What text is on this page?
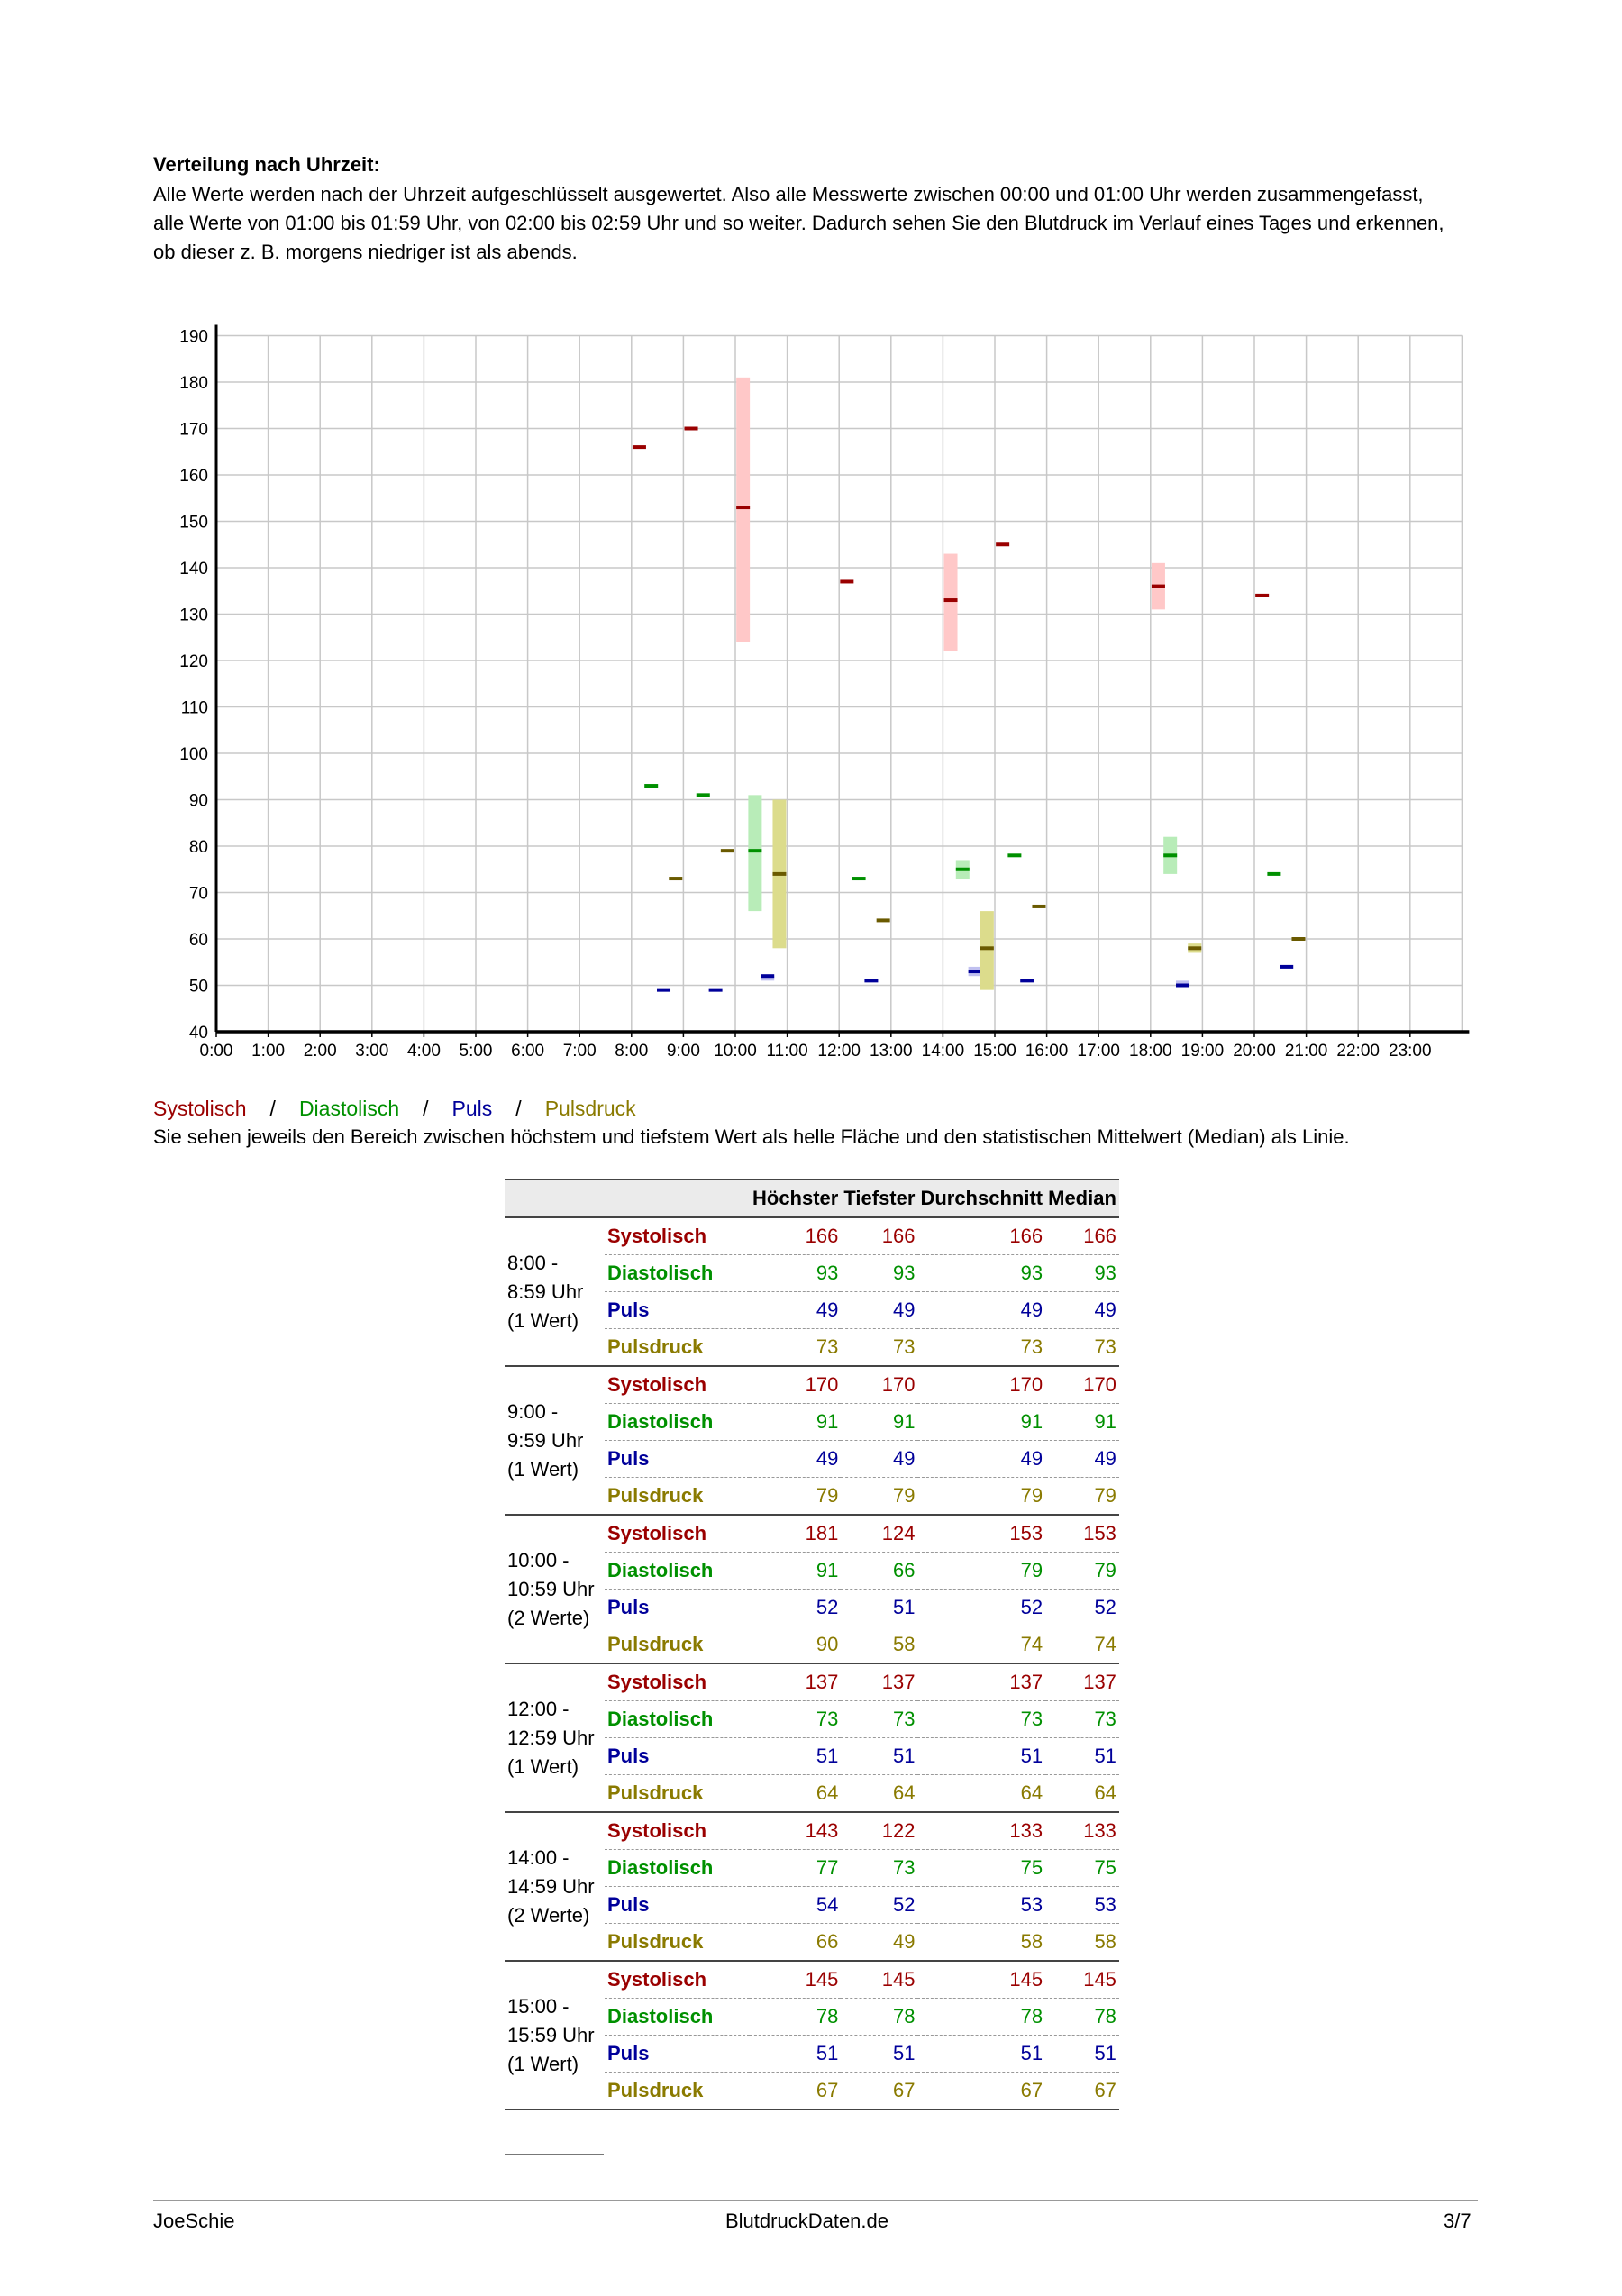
Verteilung nach Uhrzeit:
Alle Werte werden nach der Uhrzeit aufgeschlüsselt ausgewertet. Also alle Messwerte zwischen 00:00 und 01:00 Uhr werden zusammengefasst, alle Werte von 01:00 bis 01:59 Uhr, von 02:00 bis 02:59 Uhr und so weiter. Dadurch sehen Sie den Blutdruck im Verlauf eines Tages und erkennen, ob dieser z. B. morgens niedriger ist als abends.
40
50
60
70
80
90
100
110
120
130
140
150
160
170
180
190
0:00 1:00 2:00 3:00 4:00 5:00 6:00 7:00 8:00 9:00 10:00 11:00 12:00 13:00 14:00 15:00 16:00 17:00 18:00 19:00 20:00 21:00 22:00 23:00
Systolisch / Diastolisch / Puls / Pulsdruck
Sie sehen jeweils den Bereich zwischen höchstem und tiefstem Wert als helle Fläche und den statistischen Mittelwert (Median) als Linie.
		Höchster	Tiefster	Durchschnitt	Median

8:00 -
8:59 Uhr
(1 Wert)	Systolisch	166	166	166	166
	Diastolisch	93	93	93	93
	Puls	49	49	49	49
	Pulsdruck	73	73	73	73

9:00 -
9:59 Uhr
(1 Wert)	Systolisch	170	170	170	170
	Diastolisch	91	91	91	91
	Puls	49	49	49	49
	Pulsdruck	79	79	79	79

10:00 -
10:59 Uhr
(2 Werte)	Systolisch	181	124	153	153
	Diastolisch	91	66	79	79
	Puls	52	51	52	52
	Pulsdruck	90	58	74	74

12:00 -
12:59 Uhr
(1 Wert)	Systolisch	137	137	137	137
	Diastolisch	73	73	73	73
	Puls	51	51	51	51
	Pulsdruck	64	64	64	64

14:00 -
14:59 Uhr
(2 Werte)	Systolisch	143	122	133	133
	Diastolisch	77	73	75	75
	Puls	54	52	53	53
	Pulsdruck	66	49	58	58

15:00 -
15:59 Uhr
(1 Wert)	Systolisch	145	145	145	145
	Diastolisch	78	78	78	78
	Puls	51	51	51	51
	Pulsdruck	67	67	67	67
JoeSchie	BlutdruckDaten.de	3/7
